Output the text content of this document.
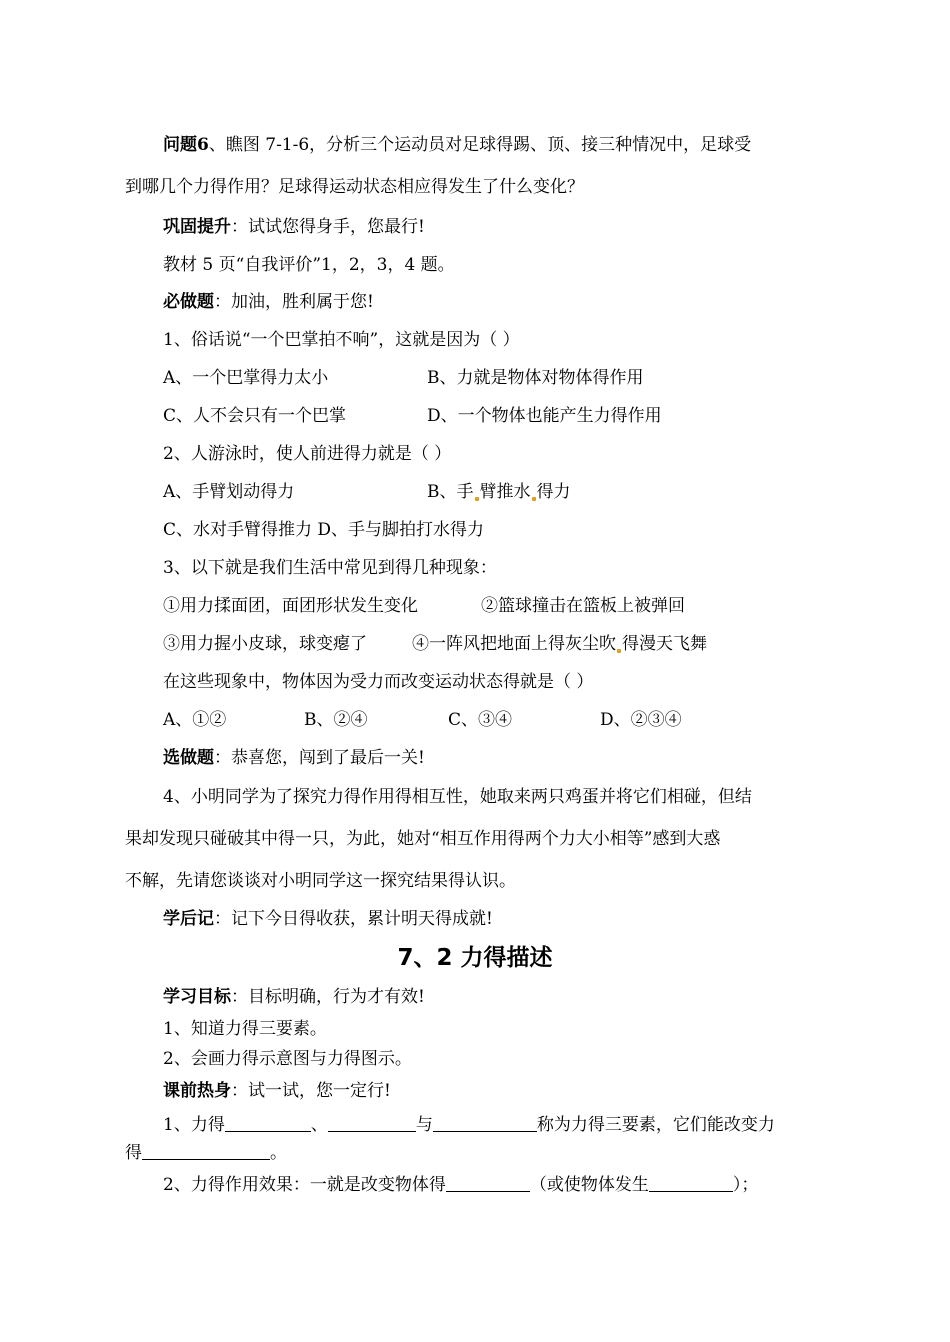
问题6、瞧图 7-1-6，分析三个运动员对足球得踢、顶、接三种情况中，足球受
到哪几个力得作用？足球得运动状态相应得发生了什么变化？
巩固提升：试试您得身手，您最行!
教材 5 页“自我评价”1，2，3，4 题。
必做题：加油，胜利属于您!
1、俗话说“一个巴掌拍不响”，这就是因为（ ）
A、一个巴掌得力太小	B、力就是物体对物体得作用
C、人不会只有一个巴掌	D、一个物体也能产生力得作用
2、人游泳时，使人前进得力就是（ ）
A、手臂划动得力	B、手 臂推水 得力
C、水对手臂得推力 D、手与脚拍打水得力
3、以下就是我们生活中常见到得几种现象：
①用力揉面团，面团形状发生变化	②篮球撞击在篮板上被弹回
③用力握小皮球，球变瘪了	④一阵风把地面上得灰尘吹 得漫天飞舞
在这些现象中，物体因为受力而改变运动状态得就是（ ）
A、①②	B、②④	C、③④	D、②③④
选做题：恭喜您，闯到了最后一关!
4、小明同学为了探究力得作用得相互性，她取来两只鸡蛋并将它们相碰，但结
果却发现只碰破其中得一只，为此，她对“相互作用得两个力大小相等”感到大惑
不解，先请您谈谈对小明同学这一探究结果得认识。
学后记：记下今日得收获，累计明天得成就!
7、2 力得描述
学习目标：目标明确，行为才有效!
1、知道力得三要素。
2、会画力得示意图与力得图示。
课前热身：试一试，您一定行!
1、力得	、	与	称为力得三要素，它们能改变力
得	。
2、力得作用效果：一就是改变物体得	（或使物体发生	）；
